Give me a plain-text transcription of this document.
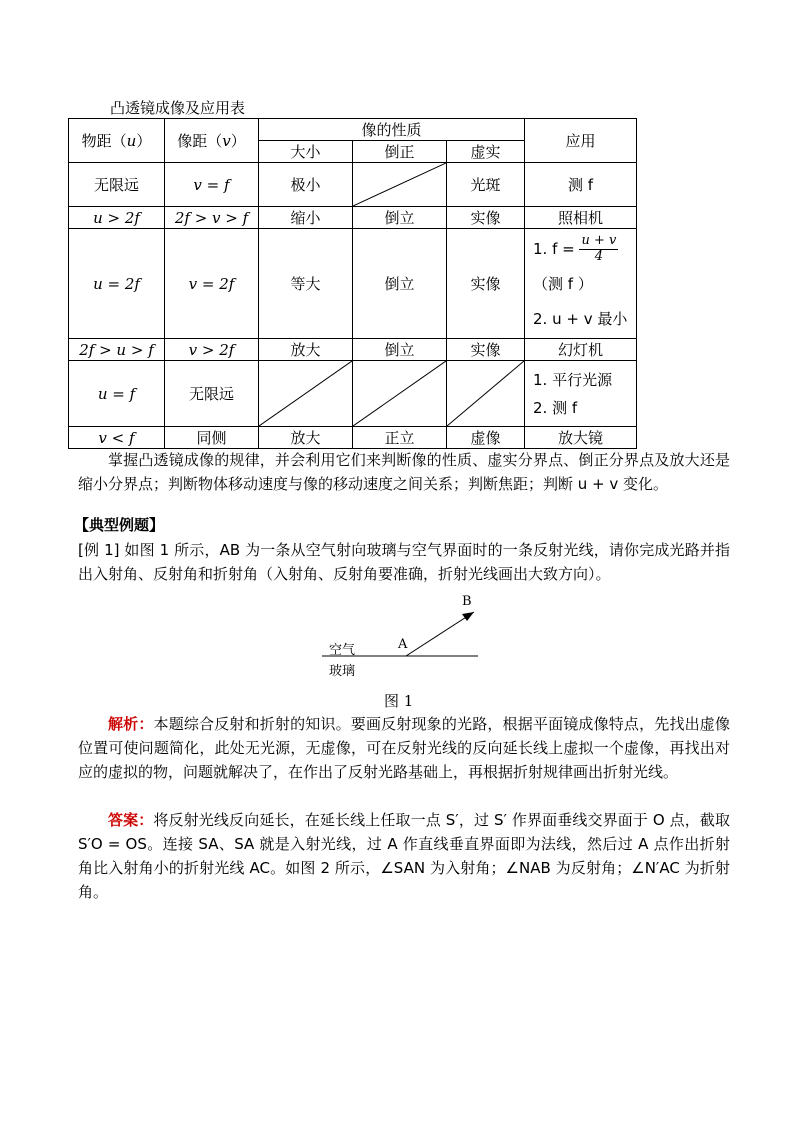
凸透镜成像及应用表
物距（u）	像距（v）	像的性质			应用
		大小	倒正	虚实	
无限远	v = f	极小		光斑	测 f
u > 2f	2f > v > f	缩小	倒立	实像	照相机
u = 2f	v = 2f	等大	倒立	实像	1. $f = \frac{u + v}{4}$
（测 f ）
2. u + v 最小

2f > u > f	v > 2f	放大	倒立	实像	幻灯机
u = f	无限远				1. 平行光源
2. 测 f

v < f	同侧	放大	正立	虚像	放大镜
掌握凸透镜成像的规律，并会利用它们来判断像的性质、虚实分界点、倒正分界点及放大还是缩小分界点；判断物体移动速度与像的移动速度之间关系；判断焦距；判断 u + v 变化。
【典型例题】
[例 1] 如图 1 所示，AB 为一条从空气射向玻璃与空气界面时的一条反射光线，请你完成光路并指出入射角、反射角和折射角（入射角、反射角要准确，折射光线画出大致方向）。
空气
玻璃
A
B
图 1
解析：本题综合反射和折射的知识。要画反射现象的光路，根据平面镜成像特点，先找出虚像位置可使问题简化，此处无光源，无虚像，可在反射光线的反向延长线上虚拟一个虚像，再找出对应的虚拟的物，问题就解决了，在作出了反射光路基础上，再根据折射规律画出折射光线。
答案：将反射光线反向延长，在延长线上任取一点 S′，过 S′ 作界面垂线交界面于 O 点，截取 S′O = OS。连接 SA、SA 就是入射光线，过 A 作直线垂直界面即为法线，然后过 A 点作出折射角比入射角小的折射光线 AC。如图 2 所示，∠SAN 为入射角；∠NAB 为反射角；∠N′AC 为折射角。
